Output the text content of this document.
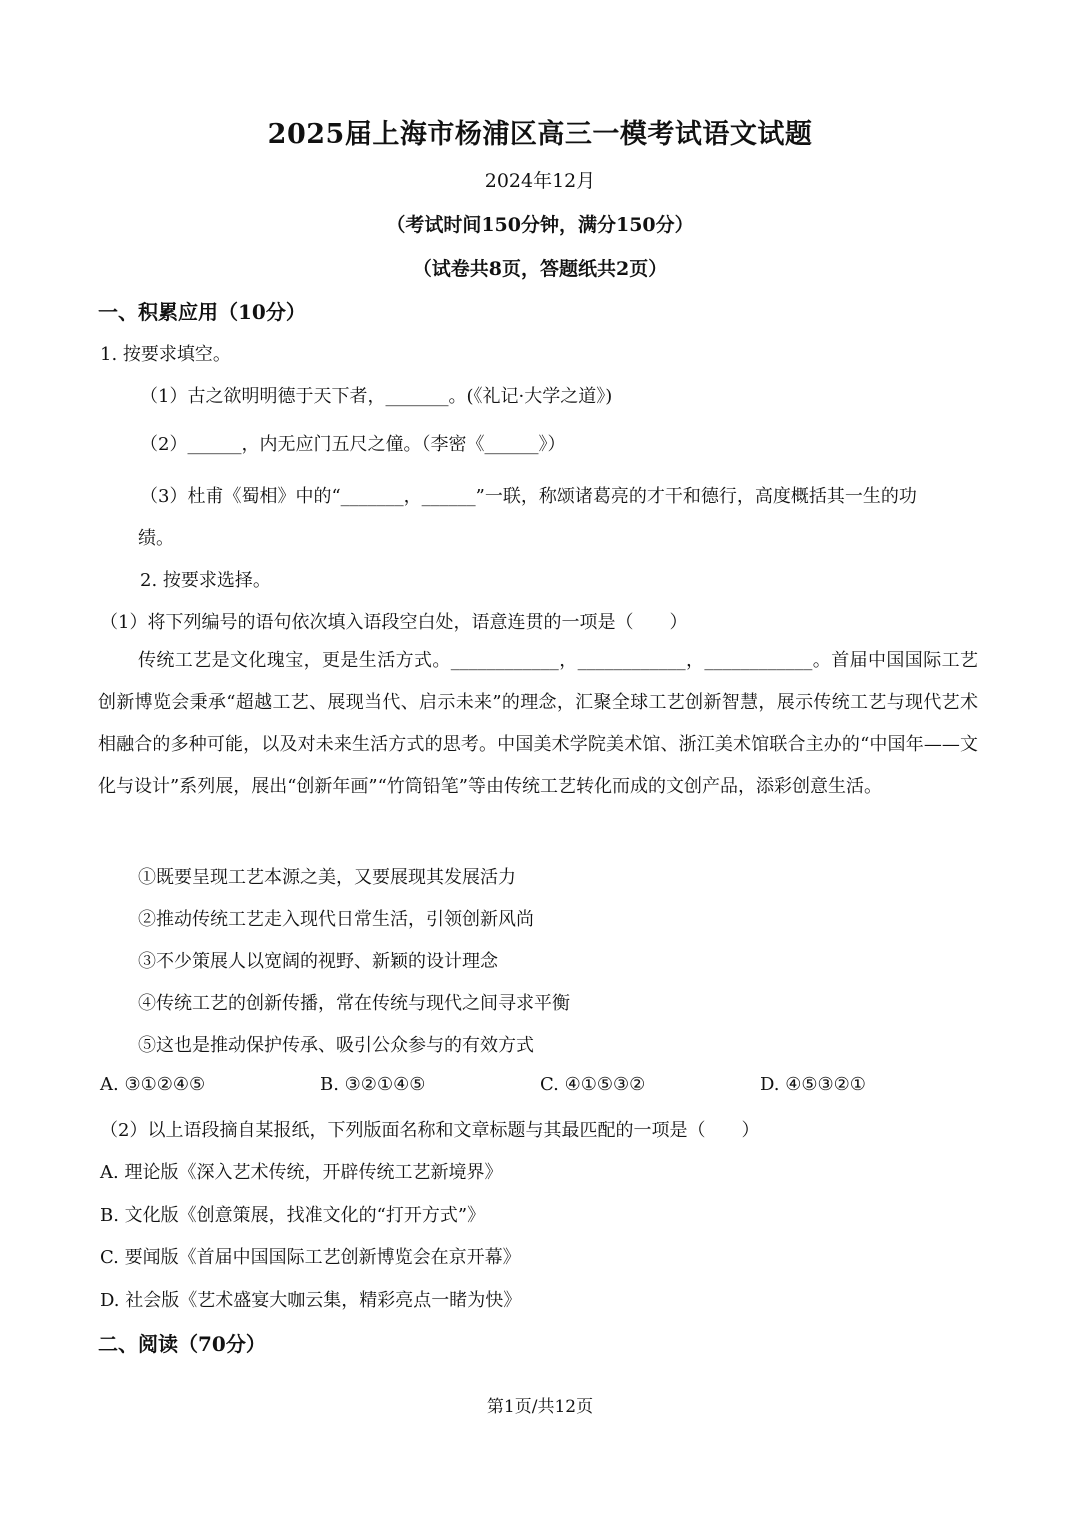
2025届上海市杨浦区高三一模考试语文试题
2024年12月
（考试时间150分钟，满分150分）
（试卷共8页，答题纸共2页）
一、积累应用（10分）
1. 按要求填空。
（1）古之欲明明德于天下者，_______。(《礼记·大学之道》)
（2）______，内无应门五尺之僮。（李密《______》）
（3）杜甫《蜀相》中的“_______，______”一联，称颂诸葛亮的才干和德行，高度概括其一生的功
绩。
2. 按要求选择。
（1）将下列编号的语句依次填入语段空白处，语意连贯的一项是（　　）
传统工艺是文化瑰宝，更是生活方式。____________，____________，____________。首届中国国际工艺创新博览会秉承“超越工艺、展现当代、启示未来”的理念，汇聚全球工艺创新智慧，展示传统工艺与现代艺术相融合的多种可能，以及对未来生活方式的思考。中国美术学院美术馆、浙江美术馆联合主办的“中国年——文化与设计”系列展，展出“创新年画”“竹筒铅笔”等由传统工艺转化而成的文创产品，添彩创意生活。
①既要呈现工艺本源之美，又要展现其发展活力
②推动传统工艺走入现代日常生活，引领创新风尚
③不少策展人以宽阔的视野、新颖的设计理念
④传统工艺的创新传播，常在传统与现代之间寻求平衡
⑤这也是推动保护传承、吸引公众参与的有效方式
A. ③①②④⑤	B. ③②①④⑤	C. ④①⑤③②	D. ④⑤③②①
（2）以上语段摘自某报纸，下列版面名称和文章标题与其最匹配的一项是（　　）
A. 理论版《深入艺术传统，开辟传统工艺新境界》
B. 文化版《创意策展，找准文化的“打开方式”》
C. 要闻版《首届中国国际工艺创新博览会在京开幕》
D. 社会版《艺术盛宴大咖云集，精彩亮点一睹为快》
二、阅读（70分）
第1页/共12页
